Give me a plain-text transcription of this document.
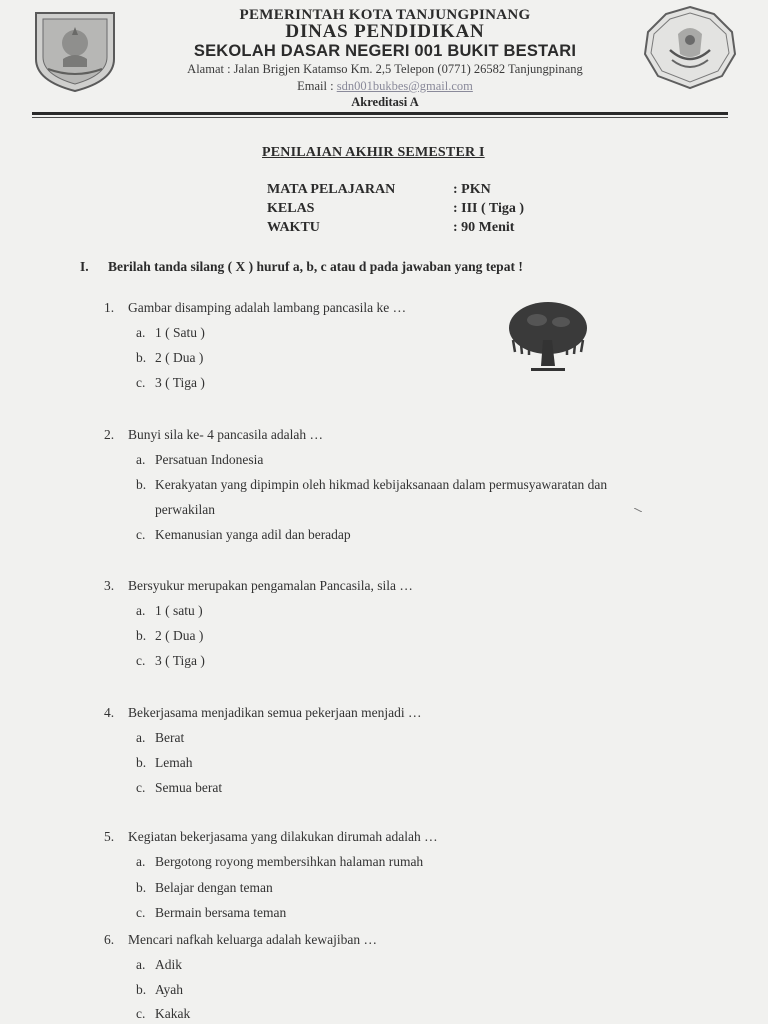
PEMERINTAH KOTA TANJUNGPINANG
DINAS PENDIDIKAN
SEKOLAH DASAR NEGERI 001 BUKIT BESTARI
Alamat : Jalan Brigjen Katamso Km. 2,5 Telepon (0771) 26582 Tanjungpinang
Email : sdn001bukbes@gmail.com
Akreditasi A
PENILAIAN AKHIR SEMESTER I
MATA PELAJARAN	: PKN
KELAS	: III ( Tiga )
WAKTU	: 90 Menit
I. Berilah tanda silang ( X ) huruf a, b, c atau d pada jawaban yang tepat !
1. Gambar disamping adalah lambang pancasila ke …
a. 1 ( Satu )
b. 2 ( Dua )
c. 3 ( Tiga )
2. Bunyi sila ke- 4 pancasila adalah …
a. Persatuan Indonesia
b. Kerakyatan yang dipimpin oleh hikmad kebijaksanaan dalam permusyawaratan dan
perwakilan
c. Kemanusian yanga adil dan beradap
3. Bersyukur merupakan pengamalan Pancasila, sila …
a. 1 ( satu )
b. 2 ( Dua )
c. 3 ( Tiga )
4. Bekerjasama menjadikan semua pekerjaan menjadi …
a. Berat
b. Lemah
c. Semua berat
5. Kegiatan bekerjasama yang dilakukan dirumah adalah …
a. Bergotong royong membersihkan halaman rumah
b. Belajar dengan teman
c. Bermain bersama teman
6. Mencari nafkah keluarga adalah kewajiban …
a. Adik
b. Ayah
c. Kakak
